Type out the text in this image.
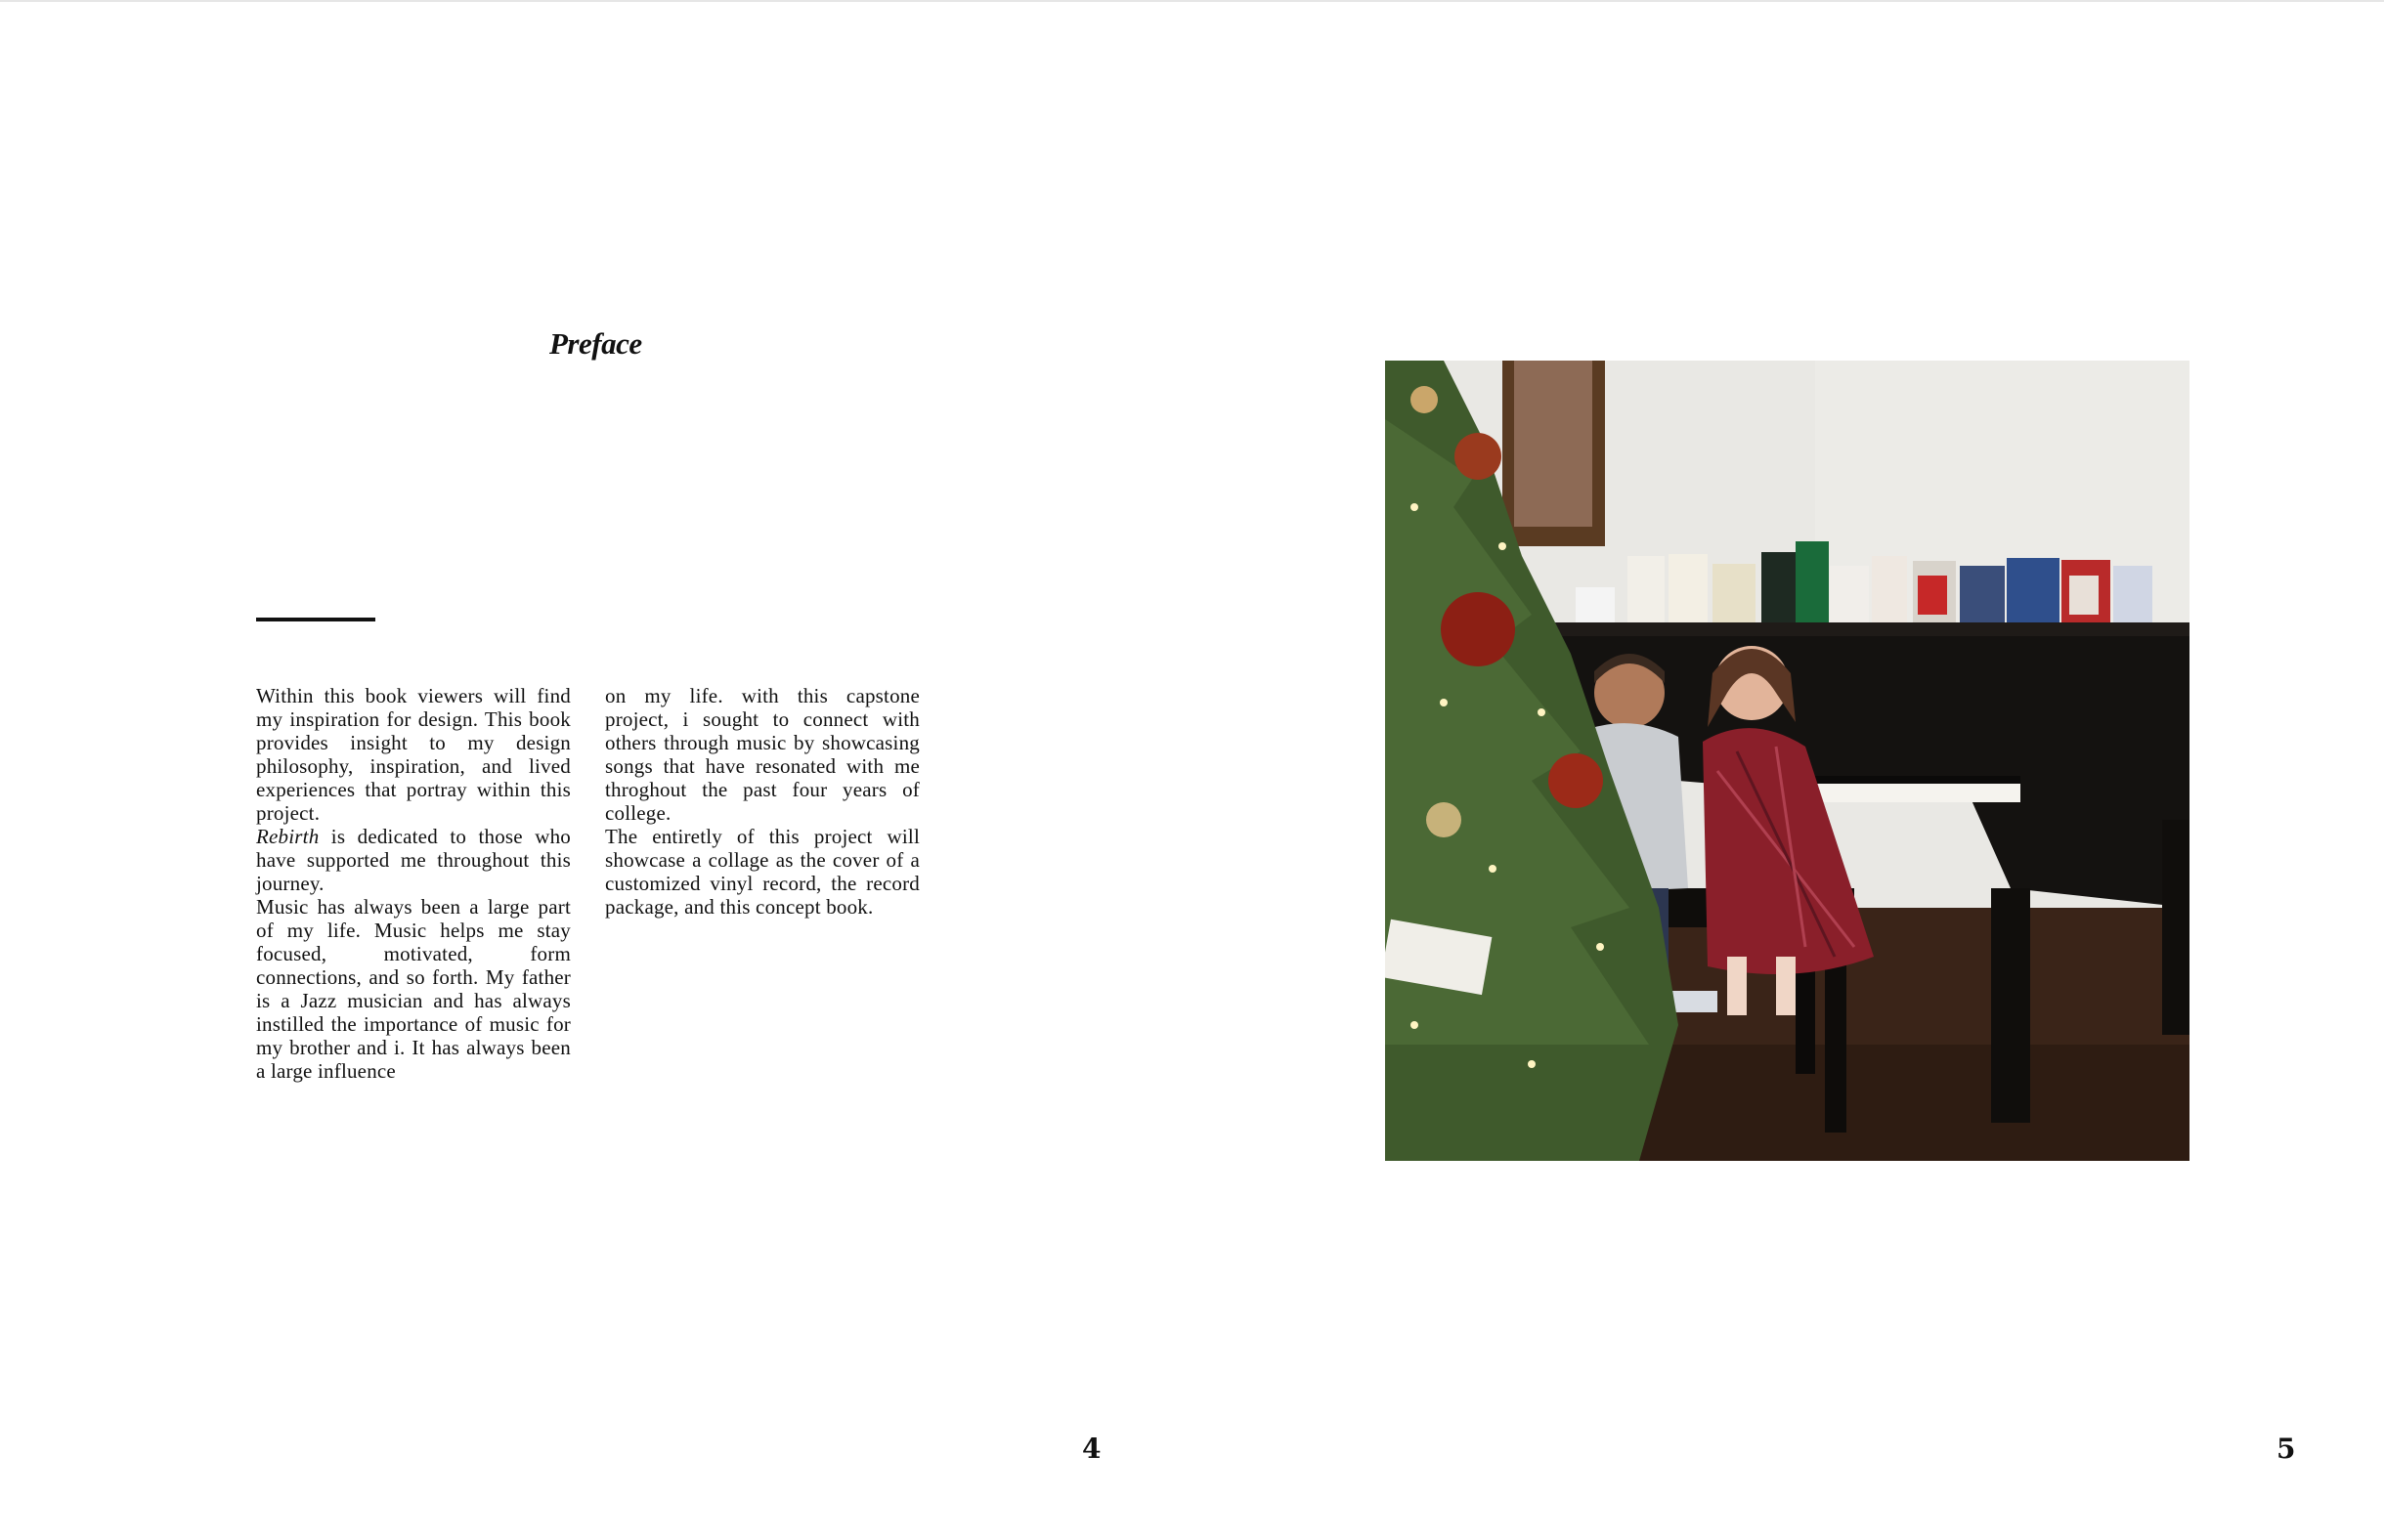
Preface

Within this book viewers will find my inspiration for design. This book provides insight to my design philosophy, inspiration, and lived experiences that portray within this project.
Rebirth is dedicated to those who have supported me throughout this journey.

Music has always been a large part of my life. Music helps me stay focused, motivated, form connections, and so forth. My father is a Jazz musician and has always instilled the importance of music for my brother and i. It has always been a large influence

on my life. with this capstone project, i sought to connect with others through music by showcasing songs that have resonated with me throghout the past four years of college.

The entiretly of this project will showcase a collage as the cover of a customized vinyl record, the record package, and this concept book.

4	5
